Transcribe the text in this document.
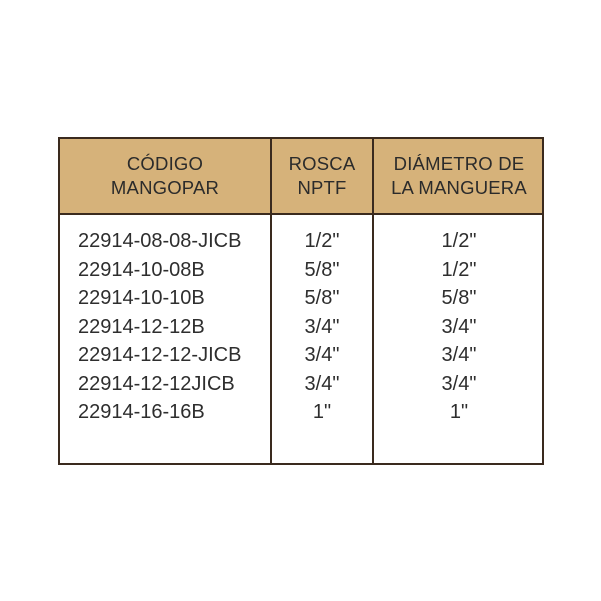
CÓDIGO
MANGOPAR
ROSCA
NPTF
DIÁMETRO DE
LA MANGUERA
22914-08-08-JICB
22914-10-08B
22914-10-10B
22914-12-12B
22914-12-12-JICB
22914-12-12JICB
22914-16-16B
1/2"
5/8"
5/8"
3/4"
3/4"
3/4"
1"
1/2"
1/2"
5/8"
3/4"
3/4"
3/4"
1"
